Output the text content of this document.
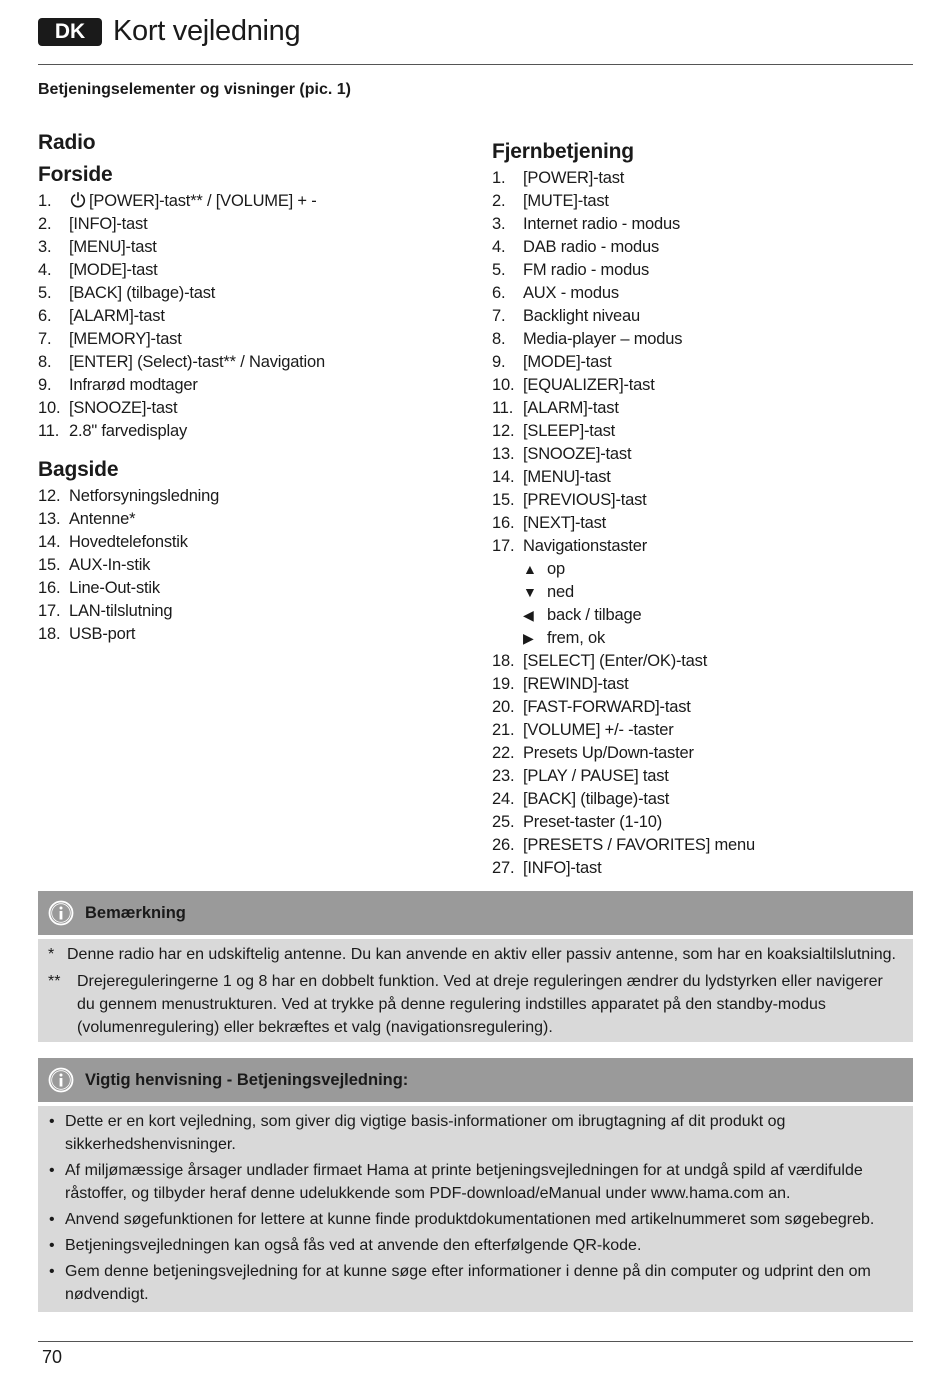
DK Kort vejledning
Betjeningselementer og visninger (pic. 1)
Radio
Forside
1. [POWER]-tast** / [VOLUME] + -
2. [INFO]-tast
3. [MENU]-tast
4. [MODE]-tast
5. [BACK] (tilbage)-tast
6. [ALARM]-tast
7. [MEMORY]-tast
8. [ENTER] (Select)-tast** / Navigation
9. Infrarød modtager
10. [SNOOZE]-tast
11. 2.8" farvedisplay
Bagside
12. Netforsyningsledning
13. Antenne*
14. Hovedtelefonstik
15. AUX-In-stik
16. Line-Out-stik
17. LAN-tilslutning
18. USB-port
Fjernbetjening
1. [POWER]-tast
2. [MUTE]-tast
3. Internet radio - modus
4. DAB radio - modus
5. FM radio - modus
6. AUX - modus
7. Backlight niveau
8. Media-player – modus
9. [MODE]-tast
10. [EQUALIZER]-tast
11. [ALARM]-tast
12. [SLEEP]-tast
13. [SNOOZE]-tast
14. [MENU]-tast
15. [PREVIOUS]-tast
16. [NEXT]-tast
17. Navigationstaster
▲ op
▼ ned
◀ back / tilbage
▶ frem, ok
18. [SELECT] (Enter/OK)-tast
19. [REWIND]-tast
20. [FAST-FORWARD]-tast
21. [VOLUME] +/- -taster
22. Presets Up/Down-taster
23. [PLAY / PAUSE] tast
24. [BACK] (tilbage)-tast
25. Preset-taster (1-10)
26. [PRESETS / FAVORITES] menu
27. [INFO]-tast
Bemærkning
* Denne radio har en udskiftelig antenne. Du kan anvende en aktiv eller passiv antenne, som har en koaksialtilslutning.
** Drejereguleringerne 1 og 8 har en dobbelt funktion. Ved at dreje reguleringen ændrer du lydstyrken eller navigerer du gennem menustrukturen. Ved at trykke på denne regulering indstilles apparatet på den standby-modus (volumenregulering) eller bekræftes et valg (navigationsregulering).
Vigtig henvisning - Betjeningsvejledning:
• Dette er en kort vejledning, som giver dig vigtige basis-informationer om ibrugtagning af dit produkt og sikkerhedshenvisninger.
• Af miljømæssige årsager undlader firmaet Hama at printe betjeningsvejledningen for at undgå spild af værdifulde råstoffer, og tilbyder heraf denne udelukkende som PDF-download/eManual under www.hama.com an.
• Anvend søgefunktionen for lettere at kunne finde produktdokumentationen med artikelnummeret som søgebegreb.
• Betjeningsvejledningen kan også fås ved at anvende den efterfølgende QR-kode.
• Gem denne betjeningsvejledning for at kunne søge efter informationer i denne på din computer og udprint den om nødvendigt.
70
